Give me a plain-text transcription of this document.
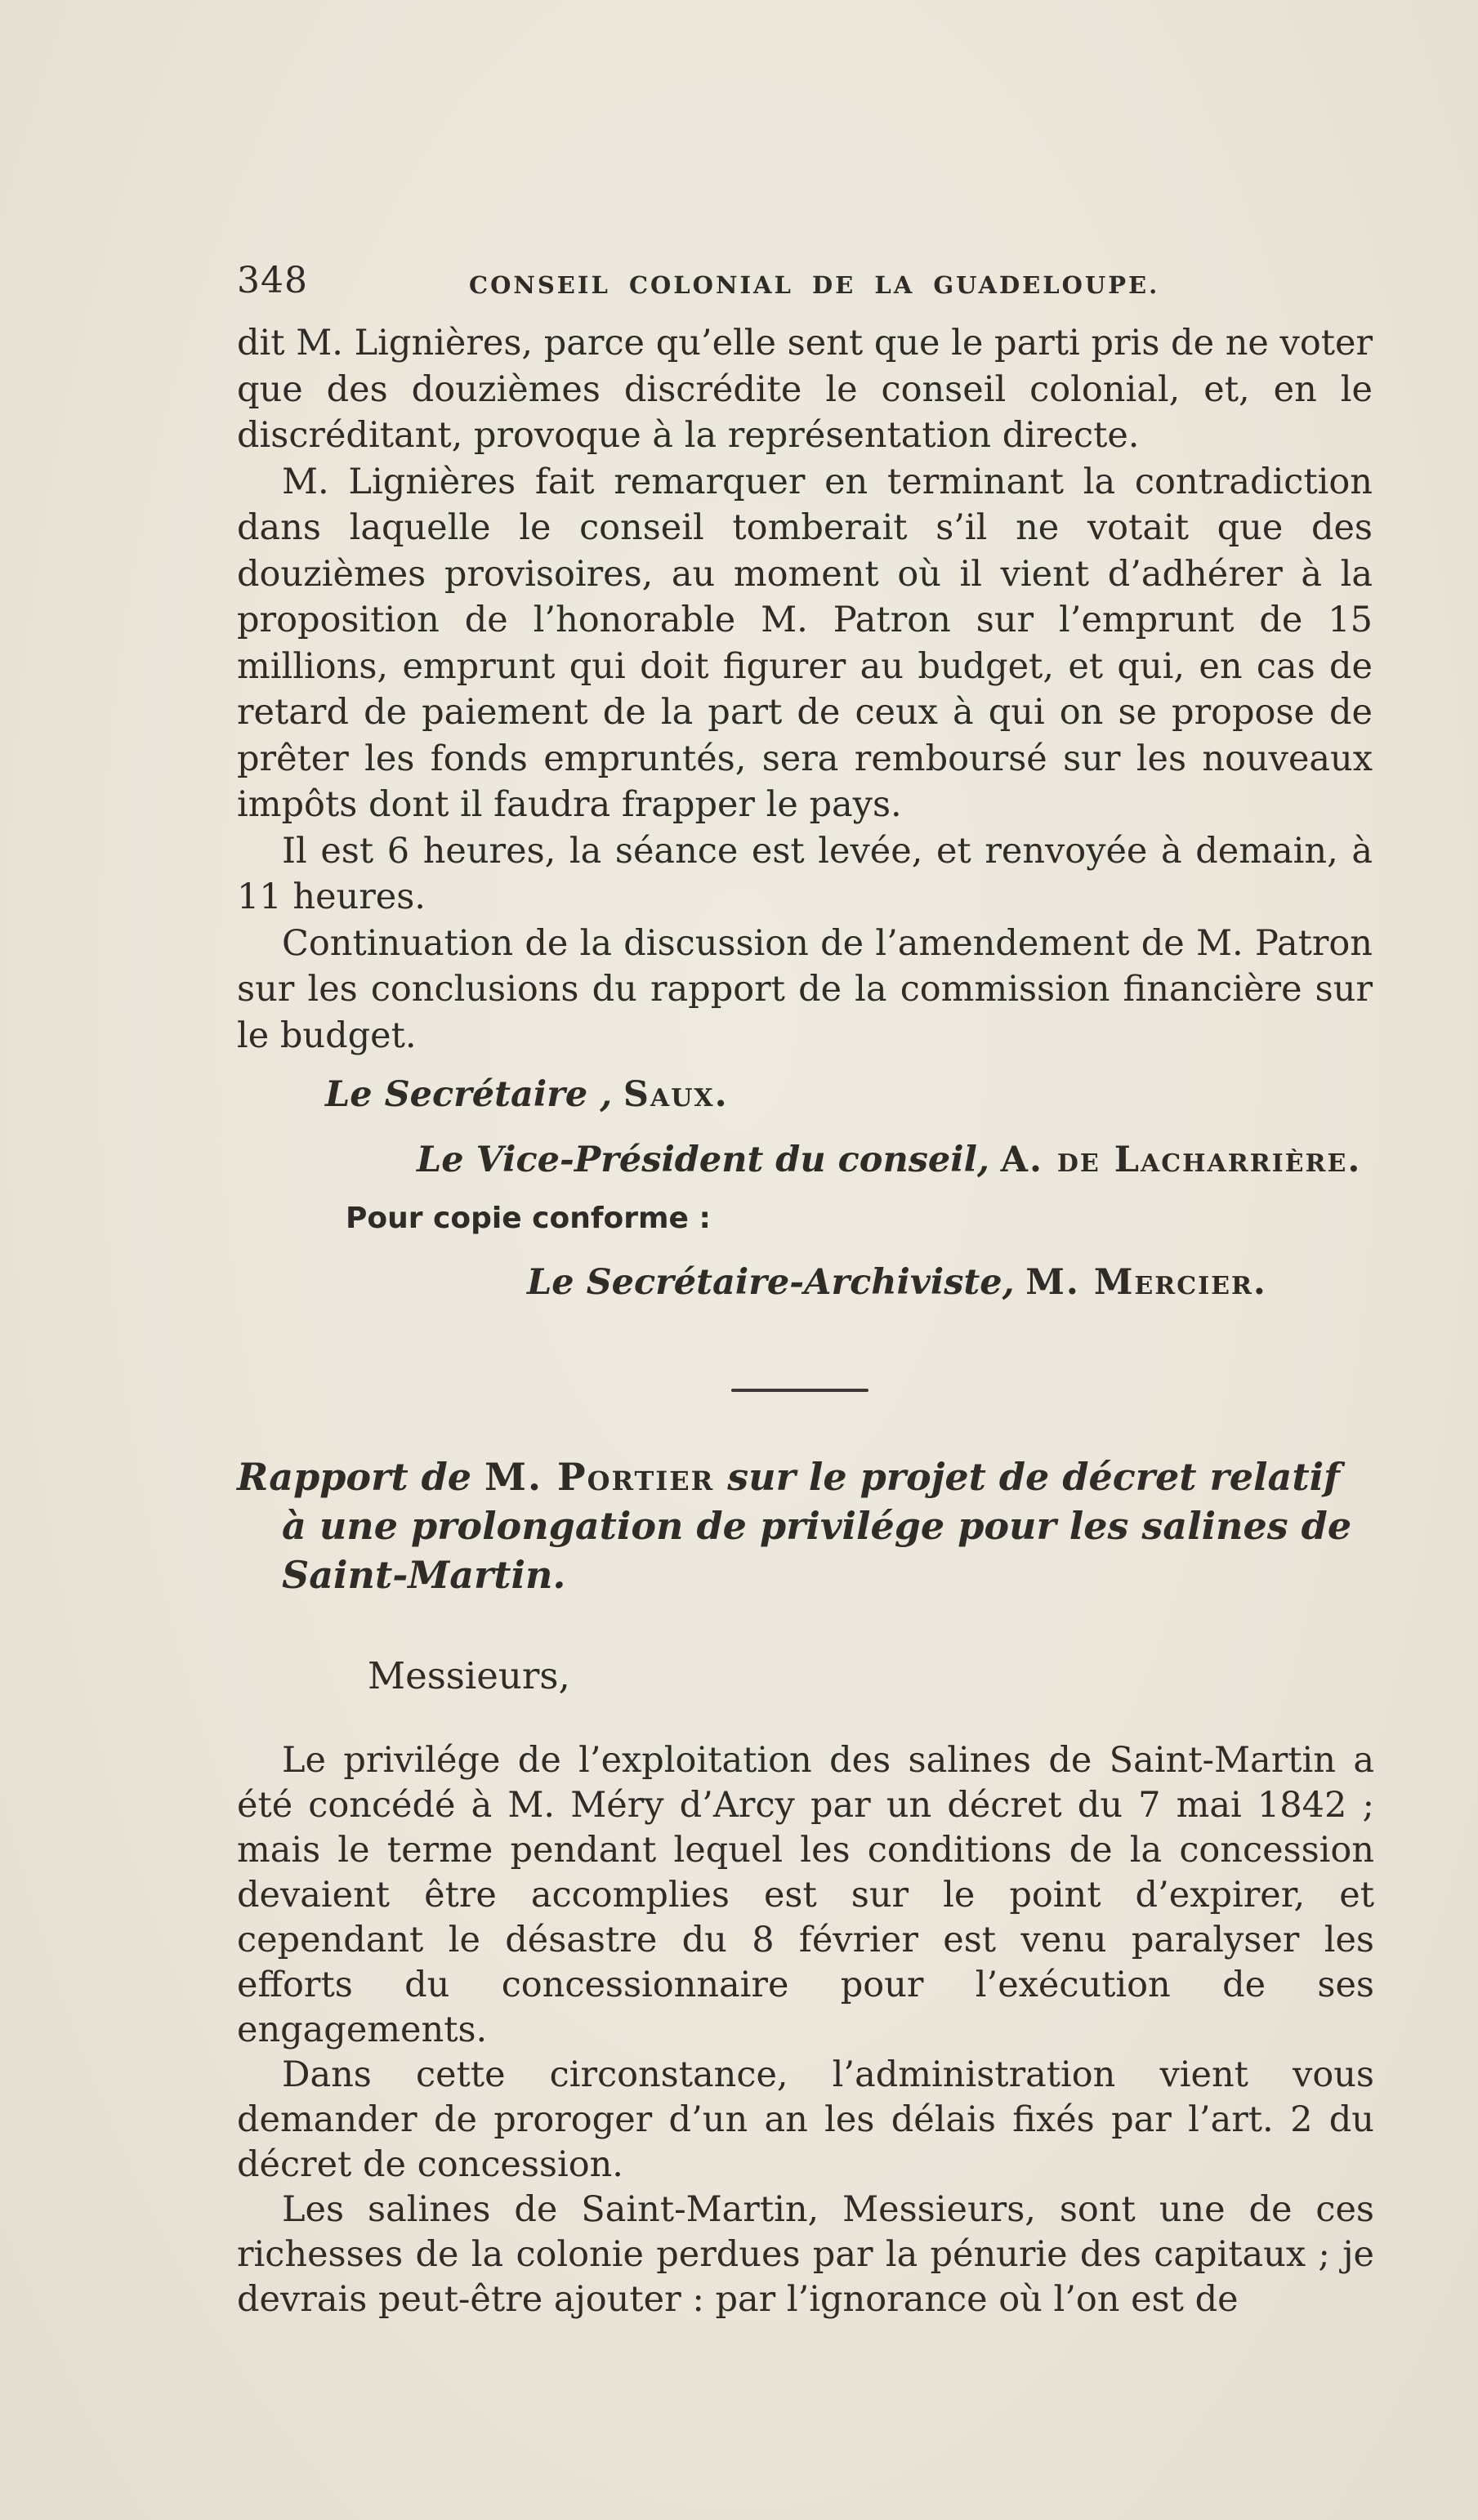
348	CONSEIL COLONIAL DE LA GUADELOUPE.

dit M. Lignières, parce qu’elle sent que le parti pris de ne voter que des douzièmes discrédite le conseil colonial, et, en le discréditant, provoque à la représentation directe.

M. Lignières fait remarquer en terminant la contradiction dans laquelle le conseil tomberait s’il ne votait que des douzièmes provisoires, au moment où il vient d’adhérer à la proposition de l’honorable M. Patron sur l’emprunt de 15 millions, emprunt qui doit figurer au budget, et qui, en cas de retard de paiement de la part de ceux à qui on se propose de prêter les fonds empruntés, sera remboursé sur les nouveaux impôts dont il faudra frapper le pays.

Il est 6 heures, la séance est levée, et renvoyée à demain, à 11 heures.

Continuation de la discussion de l’amendement de M. Patron sur les conclusions du rapport de la commission financière sur le budget.

Le Secrétaire , Saux.
Le Vice-Président du conseil, A. de Lacharrière.
Pour copie conforme :
Le Secrétaire-Archiviste, M. Mercier.
Rapport de M. Portier sur le projet de décret relatif
à une prolongation de privilége pour les salines de Saint-Martin.
Messieurs,

Le privilége de l’exploitation des salines de Saint-Martin a été concédé à M. Méry d’Arcy par un décret du 7 mai 1842 ; mais le terme pendant lequel les conditions de la concession devaient être accomplies est sur le point d’expirer, et cependant le désastre du 8 février est venu paralyser les efforts du concessionnaire pour l’exécution de ses engagements.

Dans cette circonstance, l’administration vient vous demander de proroger d’un an les délais fixés par l’art. 2 du décret de concession.

Les salines de Saint-Martin, Messieurs, sont une de ces richesses de la colonie perdues par la pénurie des capitaux ; je devrais peut-être ajouter : par l’ignorance où l’on est de
